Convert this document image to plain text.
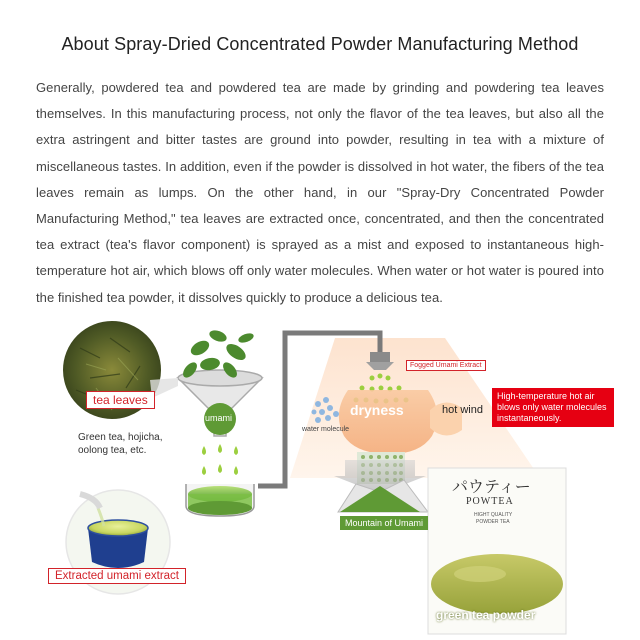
About Spray-Dried Concentrated Powder Manufacturing Method
Generally, powdered tea and powdered tea are made by grinding and powdering tea leaves themselves. In this manufacturing process, not only the flavor of the tea leaves, but also all the extra astringent and bitter tastes are ground into powder, resulting in tea with a mixture of miscellaneous tastes. In addition, even if the powder is dissolved in hot water, the fibers of the tea leaves remain as lumps. On the other hand, in our "Spray-Dry Concentrated Powder Manufacturing Method," tea leaves are extracted once, concentrated, and then the concentrated tea extract (tea's flavor component) is sprayed as a mist and exposed to instantaneous high-temperature hot air, which blows off only water molecules. When water or hot water is poured into the finished tea powder, it dissolves quickly to produce a delicious tea.
tea leaves
Green tea, hojicha,
oolong tea, etc.
umami
Extracted umami extract
Fogged Umami Extract
dryness
water molecule
hot wind
High-temperature hot air blows only water molecules instantaneously.
Mountain of Umami
パウティー
POWTEA
HIGHT QUALITY
POWDER TEA
green tea powder
